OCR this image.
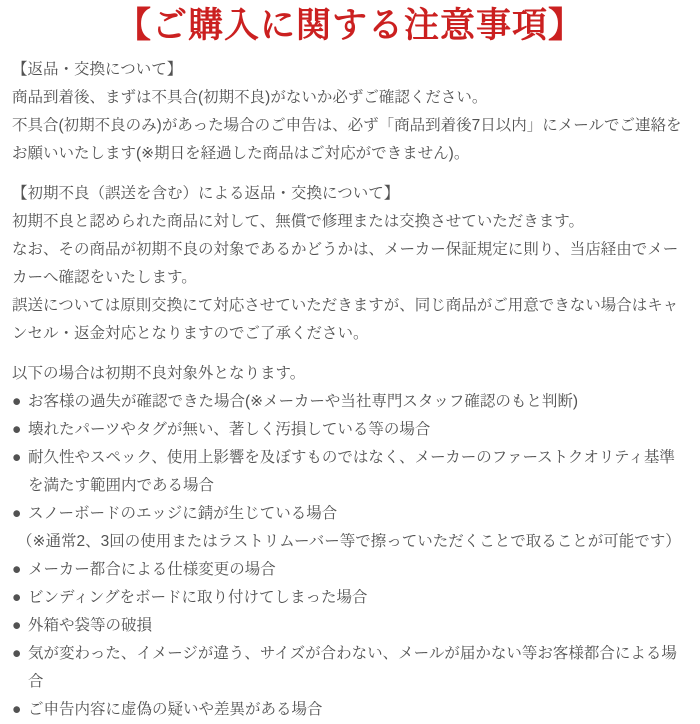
【ご購入に関する注意事項】
【返品・交換について】

商品到着後、まずは不具合(初期不良)がないか必ずご確認ください。

不具合(初期不良のみ)があった場合のご申告は、必ず「商品到着後7日以内」にメールでご連絡をお願いいたします(※期日を経過した商品はご対応ができません)。

【初期不良（誤送を含む）による返品・交換について】

初期不良と認められた商品に対して、無償で修理または交換させていただきます。

なお、その商品が初期不良の対象であるかどうかは、メーカー保証規定に則り、当店経由でメーカーへ確認をいたします。

誤送については原則交換にて対応させていただきますが、同じ商品がご用意できない場合はキャンセル・返金対応となりますのでご了承ください。

以下の場合は初期不良対象外となります。
● お客様の過失が確認できた場合(※メーカーや当社専門スタッフ確認のもと判断)
● 壊れたパーツやタグが無い、著しく汚損している等の場合
● 耐久性やスペック、使用上影響を及ぼすものではなく、メーカーのファーストクオリティ基準を満たす範囲内である場合
● スノーボードのエッジに錆が生じている場合
（※通常2、3回の使用またはラストリムーバー等で擦っていただくことで取ることが可能です）
● メーカー都合による仕様変更の場合
● ビンディングをボードに取り付けてしまった場合
● 外箱や袋等の破損
● 気が変わった、イメージが違う、サイズが合わない、メールが届かない等お客様都合による場合
● ご申告内容に虚偽の疑いや差異がある場合
